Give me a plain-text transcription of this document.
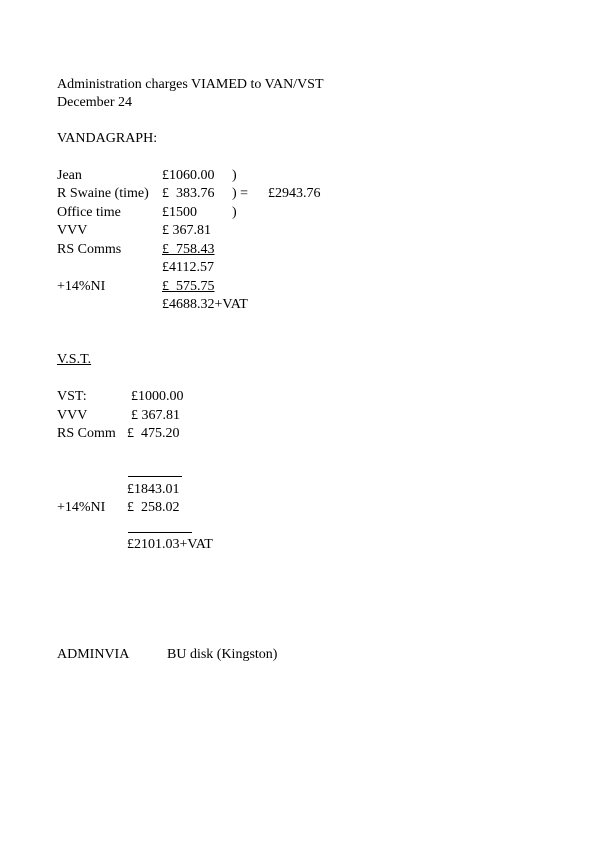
Administration charges VIAMED to VAN/VST
December 24
VANDAGRAPH:
Jean	£1060.00 )
R Swaine (time) £  383.76 ) = £2943.76
Office time	£1500	)
VVV	£ 367.81
RS Comms	£  758.43
£4112.57
+14%NI	£  575.75
£4688.32+VAT
V.S.T.
VST:	£1000.00
VVV	£ 367.81
RS Comm £  475.20
£1843.01
+14%NI £  258.02
£2101.03+VAT
ADMINVIA	BU disk (Kingston)
